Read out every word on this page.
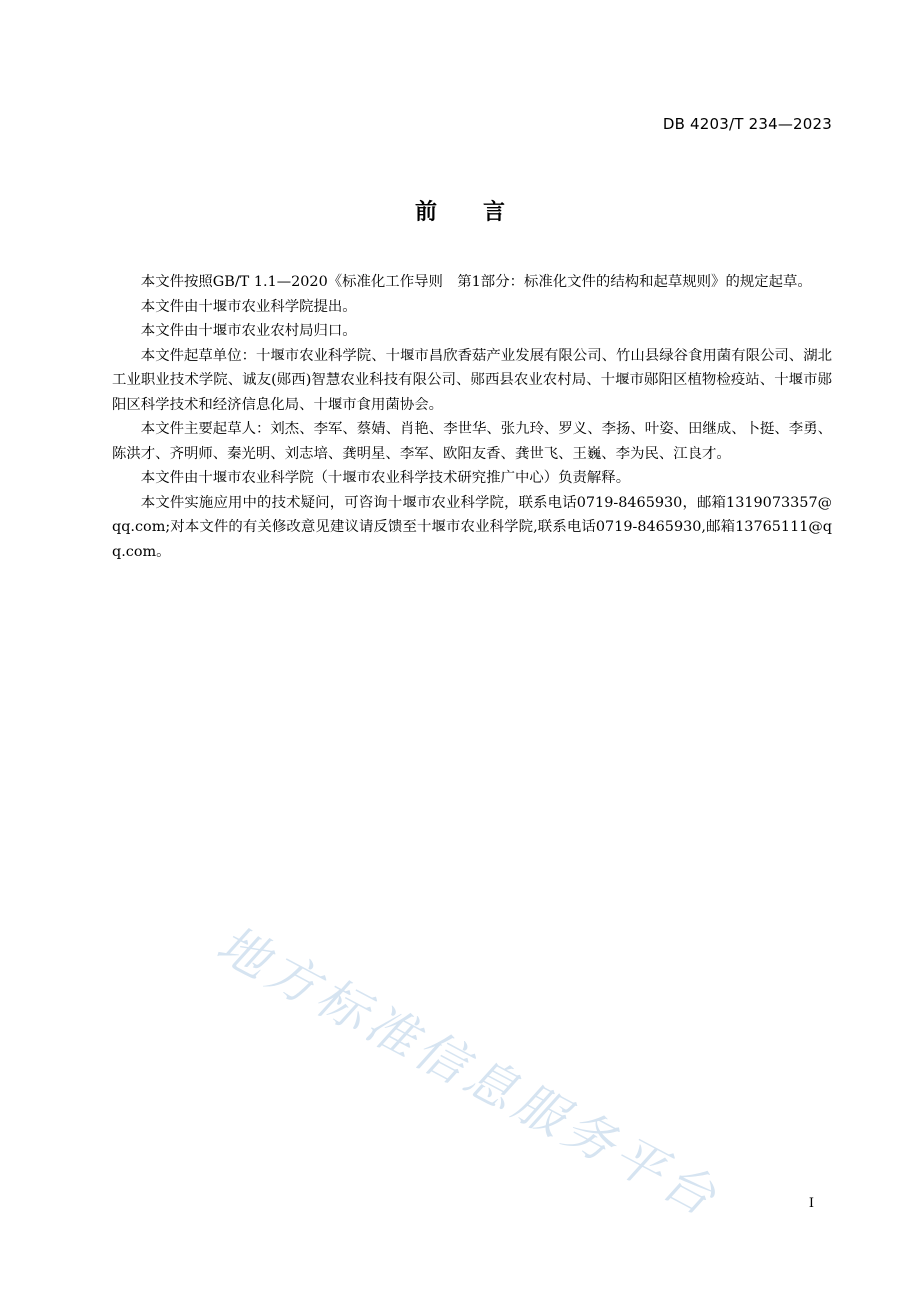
DB 4203/T 234—2023
前言

本文件按照GB/T 1.1—2020《标准化工作导则　第1部分：标准化文件的结构和起草规则》的规定起草。

本文件由十堰市农业科学院提出。

本文件由十堰市农业农村局归口。

本文件起草单位：十堰市农业科学院、十堰市昌欣香菇产业发展有限公司、竹山县绿谷食用菌有限公司、湖北工业职业技术学院、诚友(郧西)智慧农业科技有限公司、郧西县农业农村局、十堰市郧阳区植物检疫站、十堰市郧阳区科学技术和经济信息化局、十堰市食用菌协会。

本文件主要起草人：刘杰、李军、蔡婧、肖艳、李世华、张九玲、罗义、李扬、叶姿、田继成、卜挺、李勇、陈洪才、齐明师、秦光明、刘志培、龚明星、李军、欧阳友香、龚世飞、王巍、李为民、江良才。

本文件由十堰市农业科学院（十堰市农业科学技术研究推广中心）负责解释。

本文件实施应用中的技术疑问，可咨询十堰市农业科学院，联系电话0719-8465930，邮箱1319073357@qq.com;对本文件的有关修改意见建议请反馈至十堰市农业科学院,联系电话0719-8465930,邮箱13765111@qq.com。

地方标准信息服务平台	I
